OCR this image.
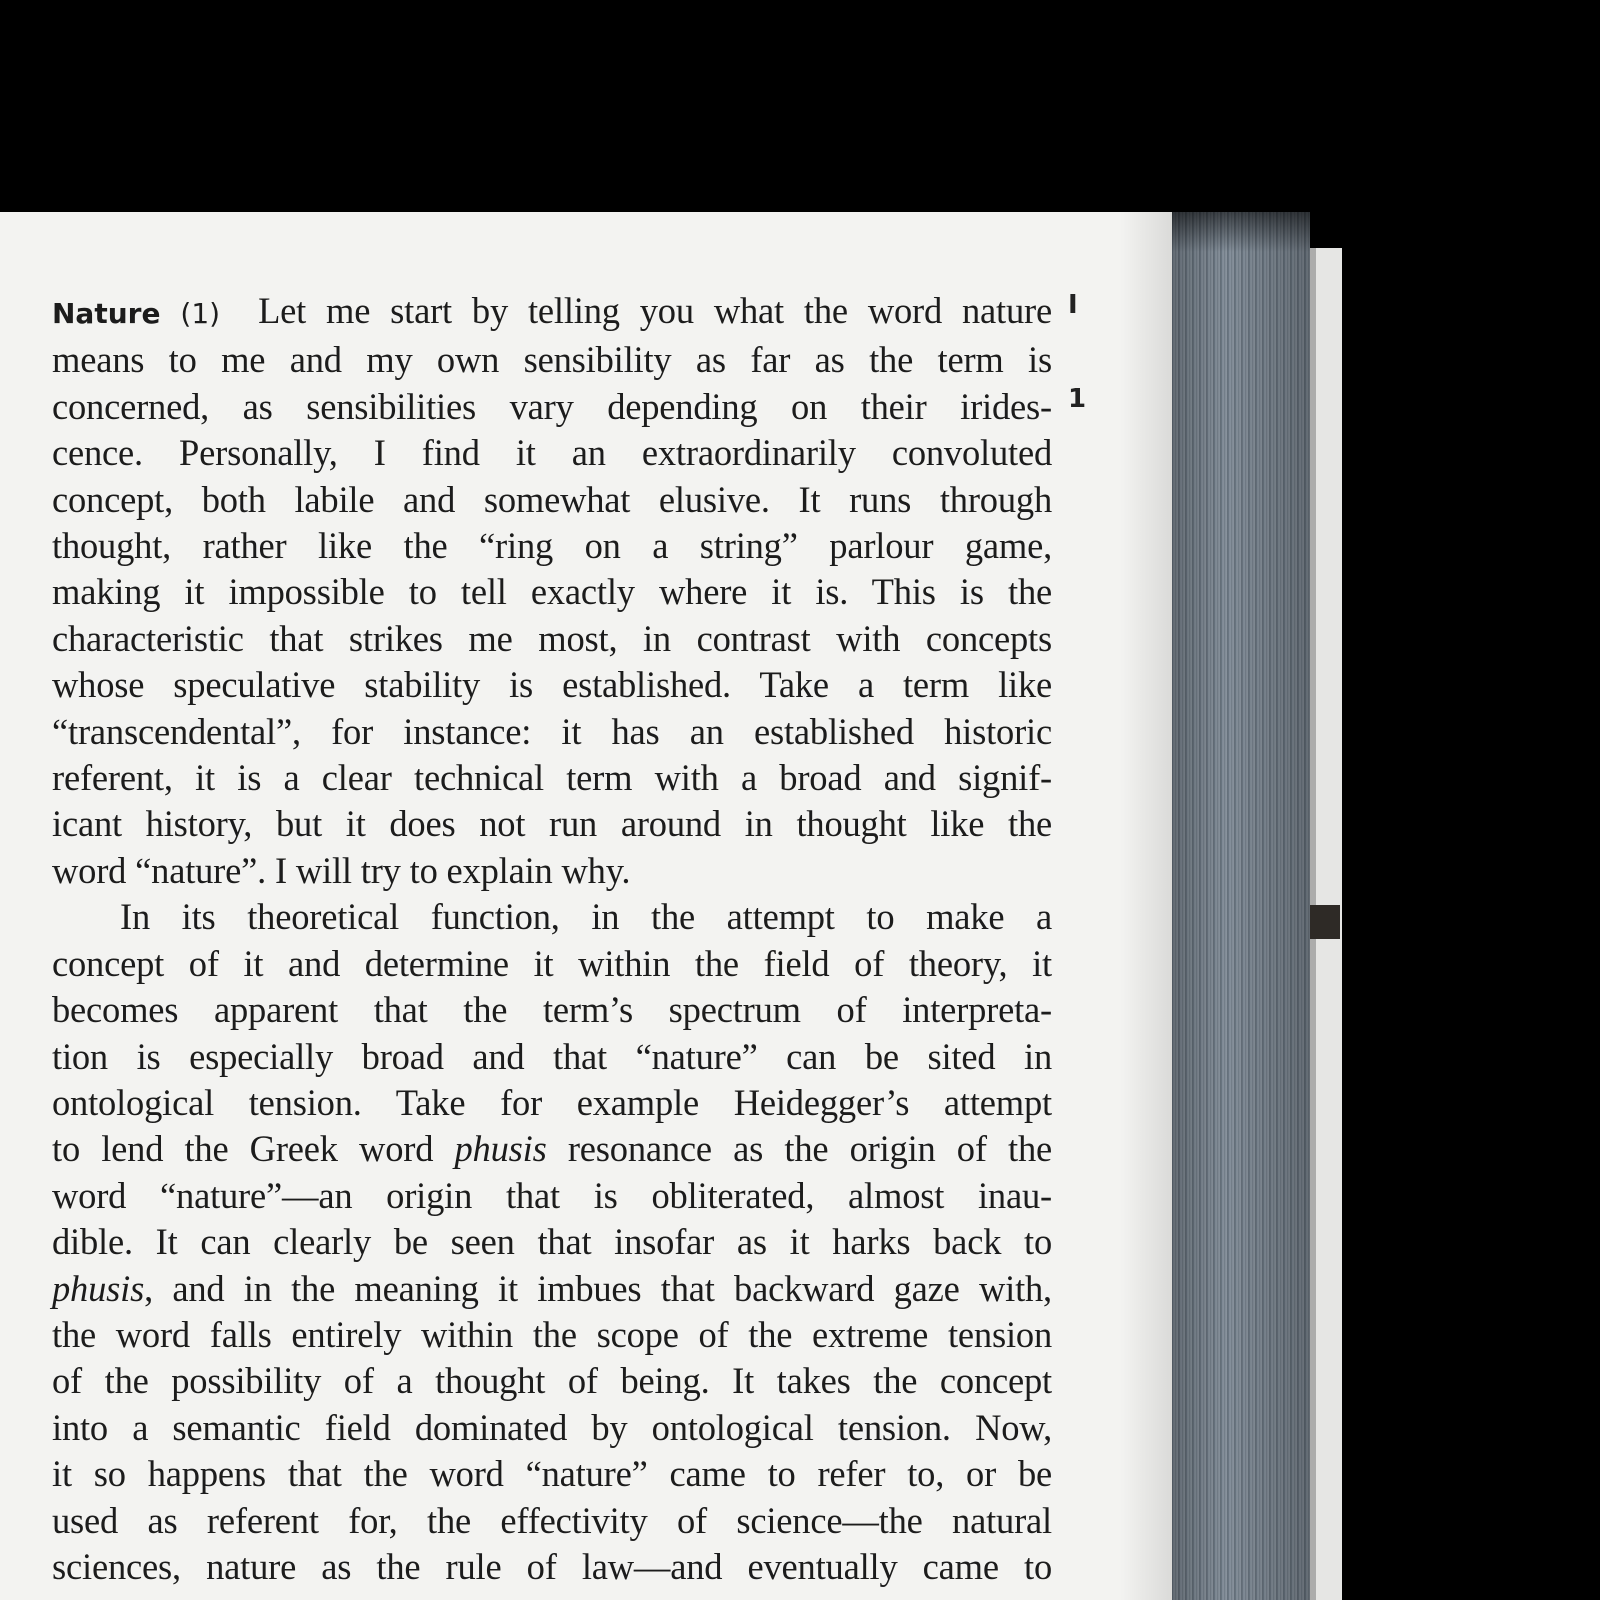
Nature (1) Let me start by telling you what the word nature
means to me and my own sensibility as far as the term is
concerned, as sensibilities vary depending on their irides-
cence. Personally, I find it an extraordinarily convoluted
concept, both labile and somewhat elusive. It runs through
thought, rather like the “ring on a string” parlour game,
making it impossible to tell exactly where it is. This is the
characteristic that strikes me most, in contrast with concepts
whose speculative stability is established. Take a term like
“transcendental”, for instance: it has an established historic
referent, it is a clear technical term with a broad and signif-
icant history, but it does not run around in thought like the
word “nature”. I will try to explain why.
In its theoretical function, in the attempt to make a
concept of it and determine it within the field of theory, it
becomes apparent that the term’s spectrum of interpreta-
tion is especially broad and that “nature” can be sited in
ontological tension. Take for example Heidegger’s attempt
to lend the Greek word phusis resonance as the origin of the
word “nature”—an origin that is obliterated, almost inau-
dible. It can clearly be seen that insofar as it harks back to
phusis, and in the meaning it imbues that backward gaze with,
the word falls entirely within the scope of the extreme tension
of the possibility of a thought of being. It takes the concept
into a semantic field dominated by ontological tension. Now,
it so happens that the word “nature” came to refer to, or be
used as referent for, the effectivity of science—the natural
sciences, nature as the rule of law—and eventually came to
I
1
